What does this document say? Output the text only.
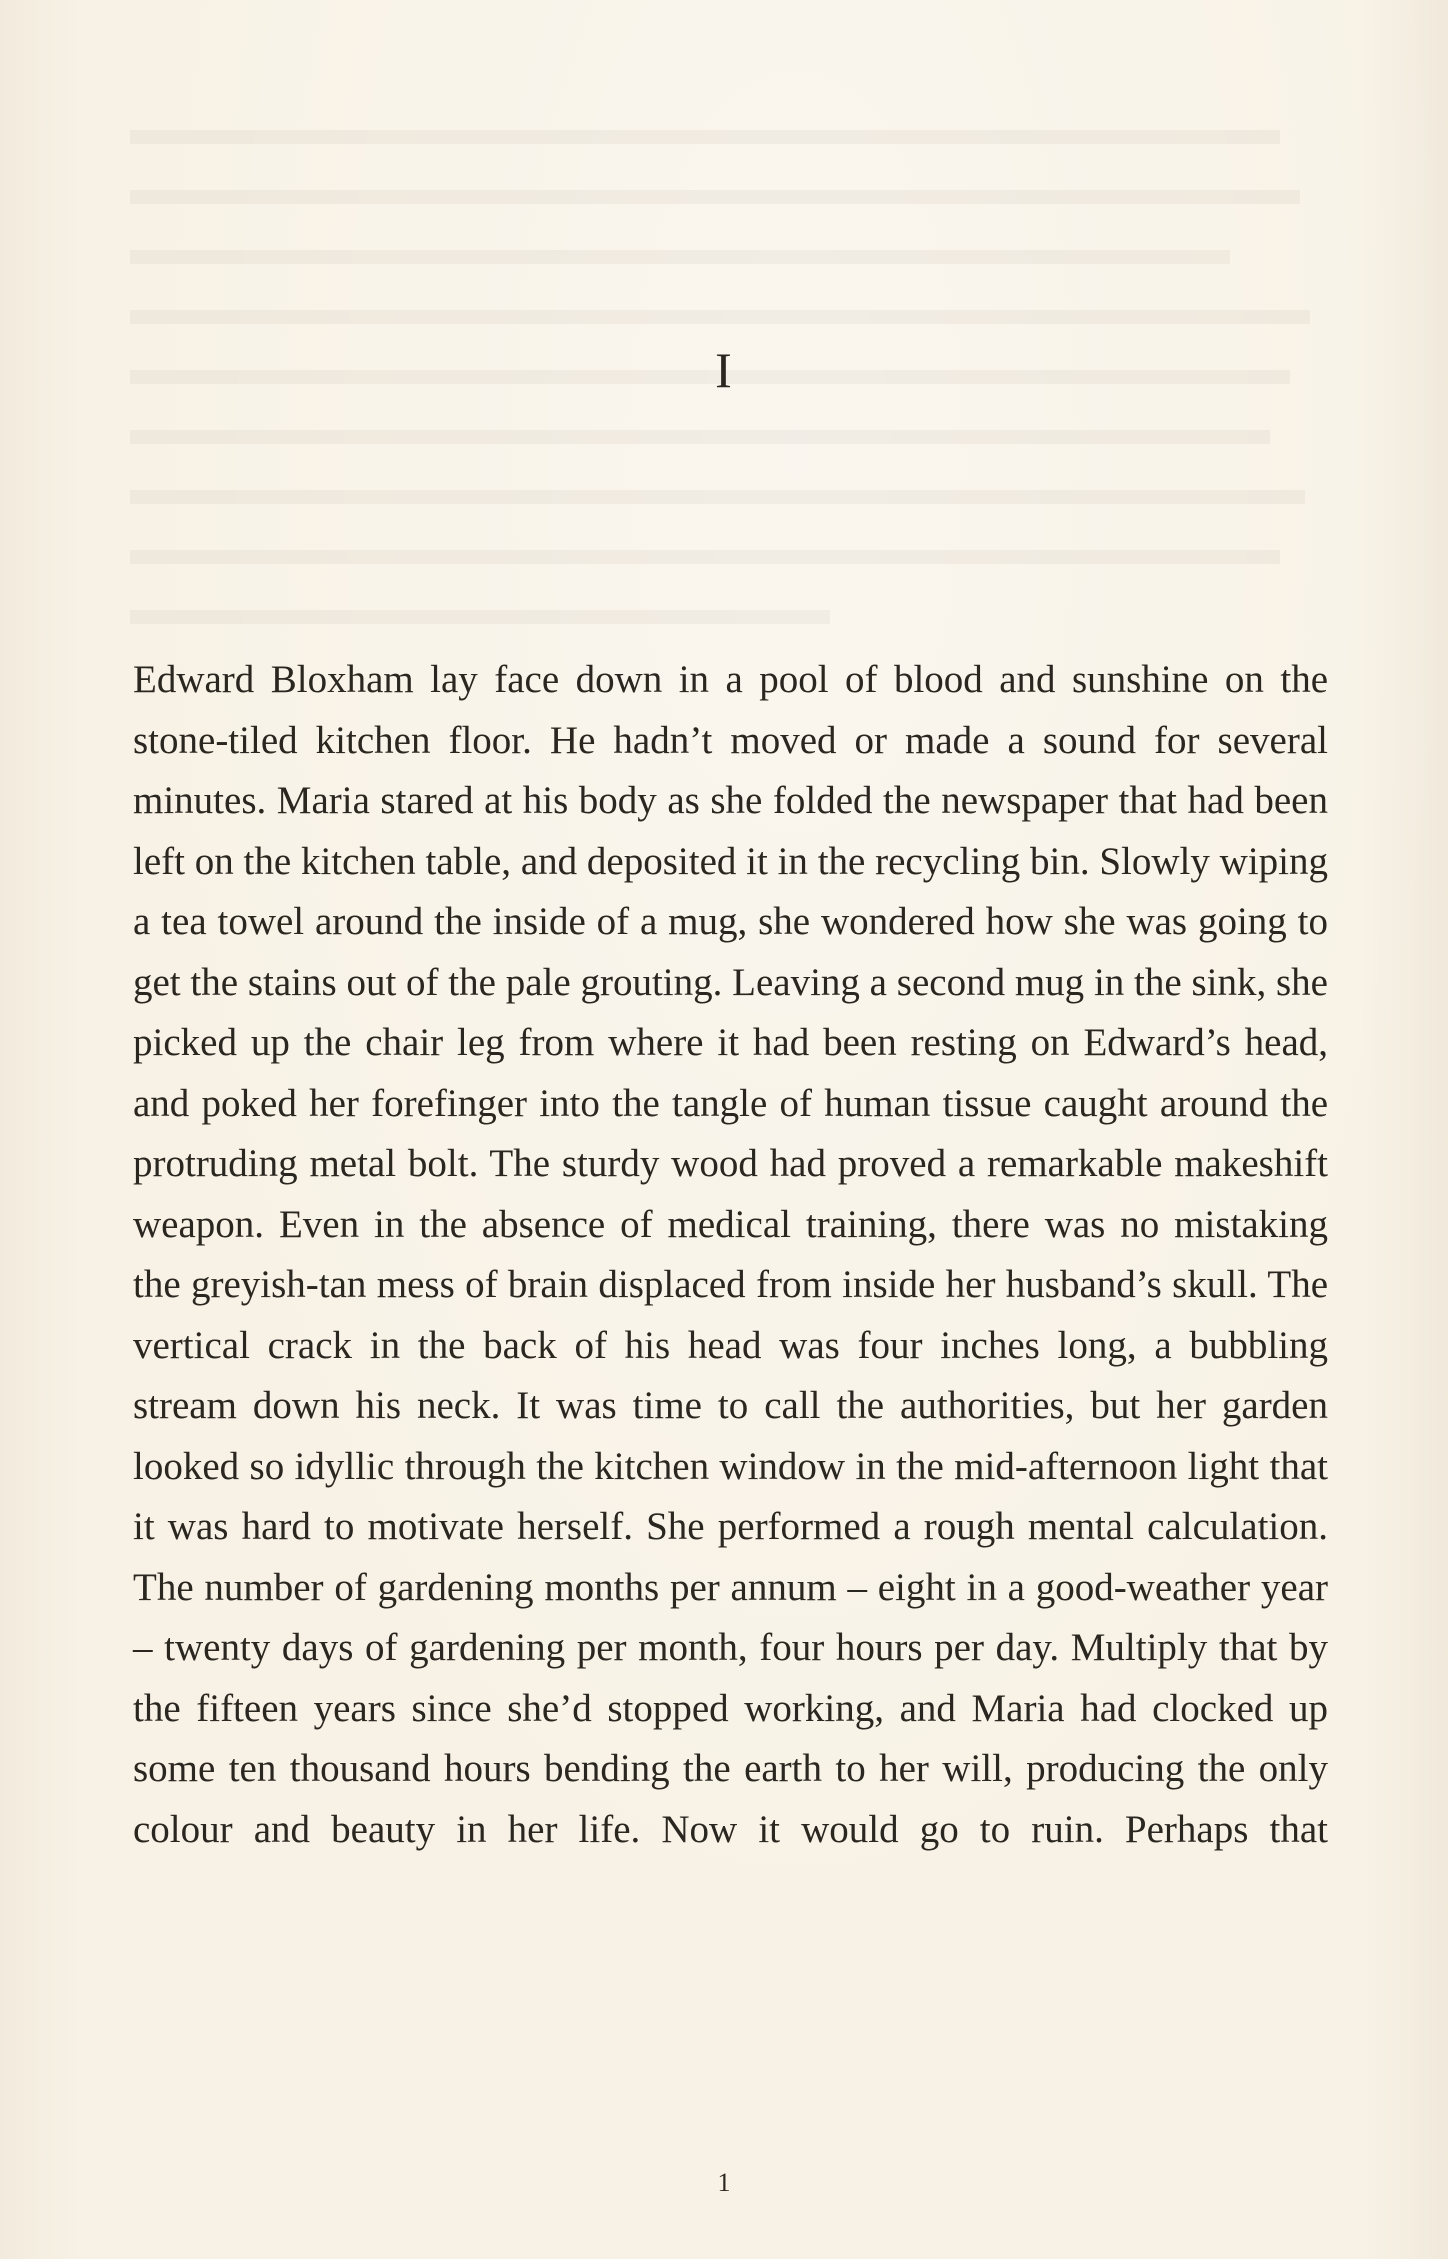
I

Edward Bloxham lay face down in a pool of blood and sunshine on the stone-tiled kitchen floor. He hadn’t moved or made a sound for several minutes. Maria stared at his body as she folded the newspaper that had been left on the kitchen table, and deposited it in the recycling bin. Slowly wiping a tea towel around the inside of a mug, she wondered how she was going to get the stains out of the pale grouting. Leaving a second mug in the sink, she picked up the chair leg from where it had been resting on Edward’s head, and poked her forefinger into the tangle of human tissue caught around the protruding metal bolt. The sturdy wood had proved a remarkable makeshift weapon. Even in the absence of medical training, there was no mistaking the greyish-tan mess of brain displaced from inside her husband’s skull. The vertical crack in the back of his head was four inches long, a bubbling stream down his neck. It was time to call the authorities, but her garden looked so idyllic through the kitchen window in the mid-afternoon light that it was hard to motivate herself. She performed a rough mental calculation. The number of gardening months per annum – eight in a good-weather year – twenty days of gardening per month, four hours per day. Multiply that by the fifteen years since she’d stopped working, and Maria had clocked up some ten thousand hours bending the earth to her will, producing the only colour and beauty in her life. Now it would go to ruin. Perhaps that

1
